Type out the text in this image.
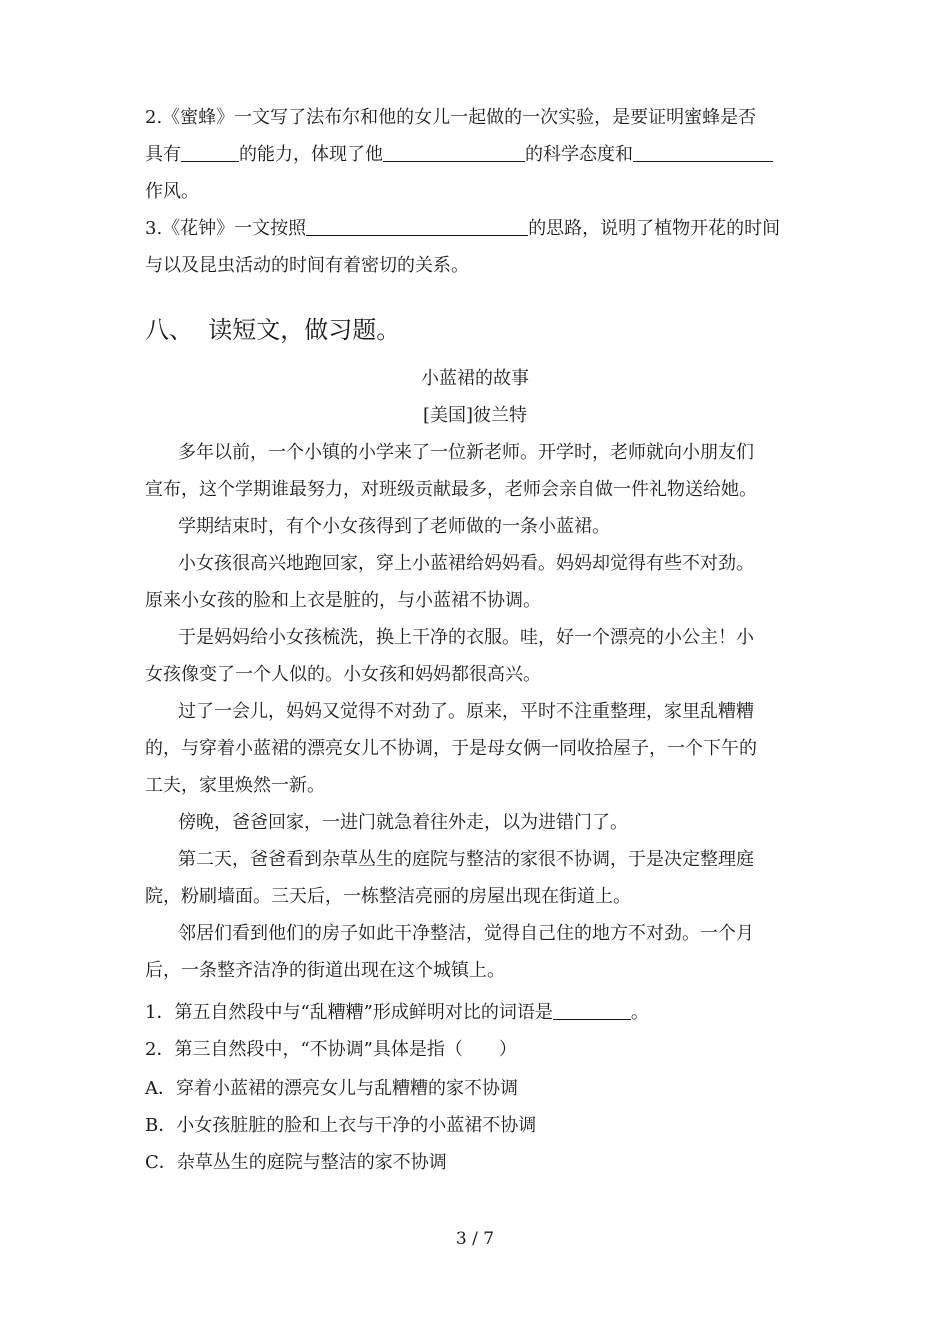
2.《蜜蜂》一文写了法布尔和他的女儿一起做的一次实验，是要证明蜜蜂是否
具有	的能力，体现了他	的科学态度和
作风。
3.《花钟》一文按照	的思路，说明了植物开花的时间
与以及昆虫活动的时间有着密切的关系。
八、  读短文，做习题。
小蓝裙的故事
[美国]彼兰特
多年以前，一个小镇的小学来了一位新老师。开学时，老师就向小朋友们
宣布，这个学期谁最努力，对班级贡献最多，老师会亲自做一件礼物送给她。
学期结束时，有个小女孩得到了老师做的一条小蓝裙。
小女孩很高兴地跑回家，穿上小蓝裙给妈妈看。妈妈却觉得有些不对劲。
原来小女孩的脸和上衣是脏的，与小蓝裙不协调。
于是妈妈给小女孩梳洗，换上干净的衣服。哇，好一个漂亮的小公主！小
女孩像变了一个人似的。小女孩和妈妈都很高兴。
过了一会儿，妈妈又觉得不对劲了。原来，平时不注重整理，家里乱糟糟
的，与穿着小蓝裙的漂亮女儿不协调，于是母女俩一同收拾屋子，一个下午的
工夫，家里焕然一新。
傍晚，爸爸回家，一进门就急着往外走，以为进错门了。
第二天，爸爸看到杂草丛生的庭院与整洁的家很不协调，于是决定整理庭
院，粉刷墙面。三天后，一栋整洁亮丽的房屋出现在街道上。
邻居们看到他们的房子如此干净整洁，觉得自己住的地方不对劲。一个月
后，一条整齐洁净的街道出现在这个城镇上。
1．第五自然段中与“乱糟糟”形成鲜明对比的词语是	。
2．第三自然段中，“不协调”具体是指（　　）
A．穿着小蓝裙的漂亮女儿与乱糟糟的家不协调
B．小女孩脏脏的脸和上衣与干净的小蓝裙不协调
C．杂草丛生的庭院与整洁的家不协调
3 / 7
